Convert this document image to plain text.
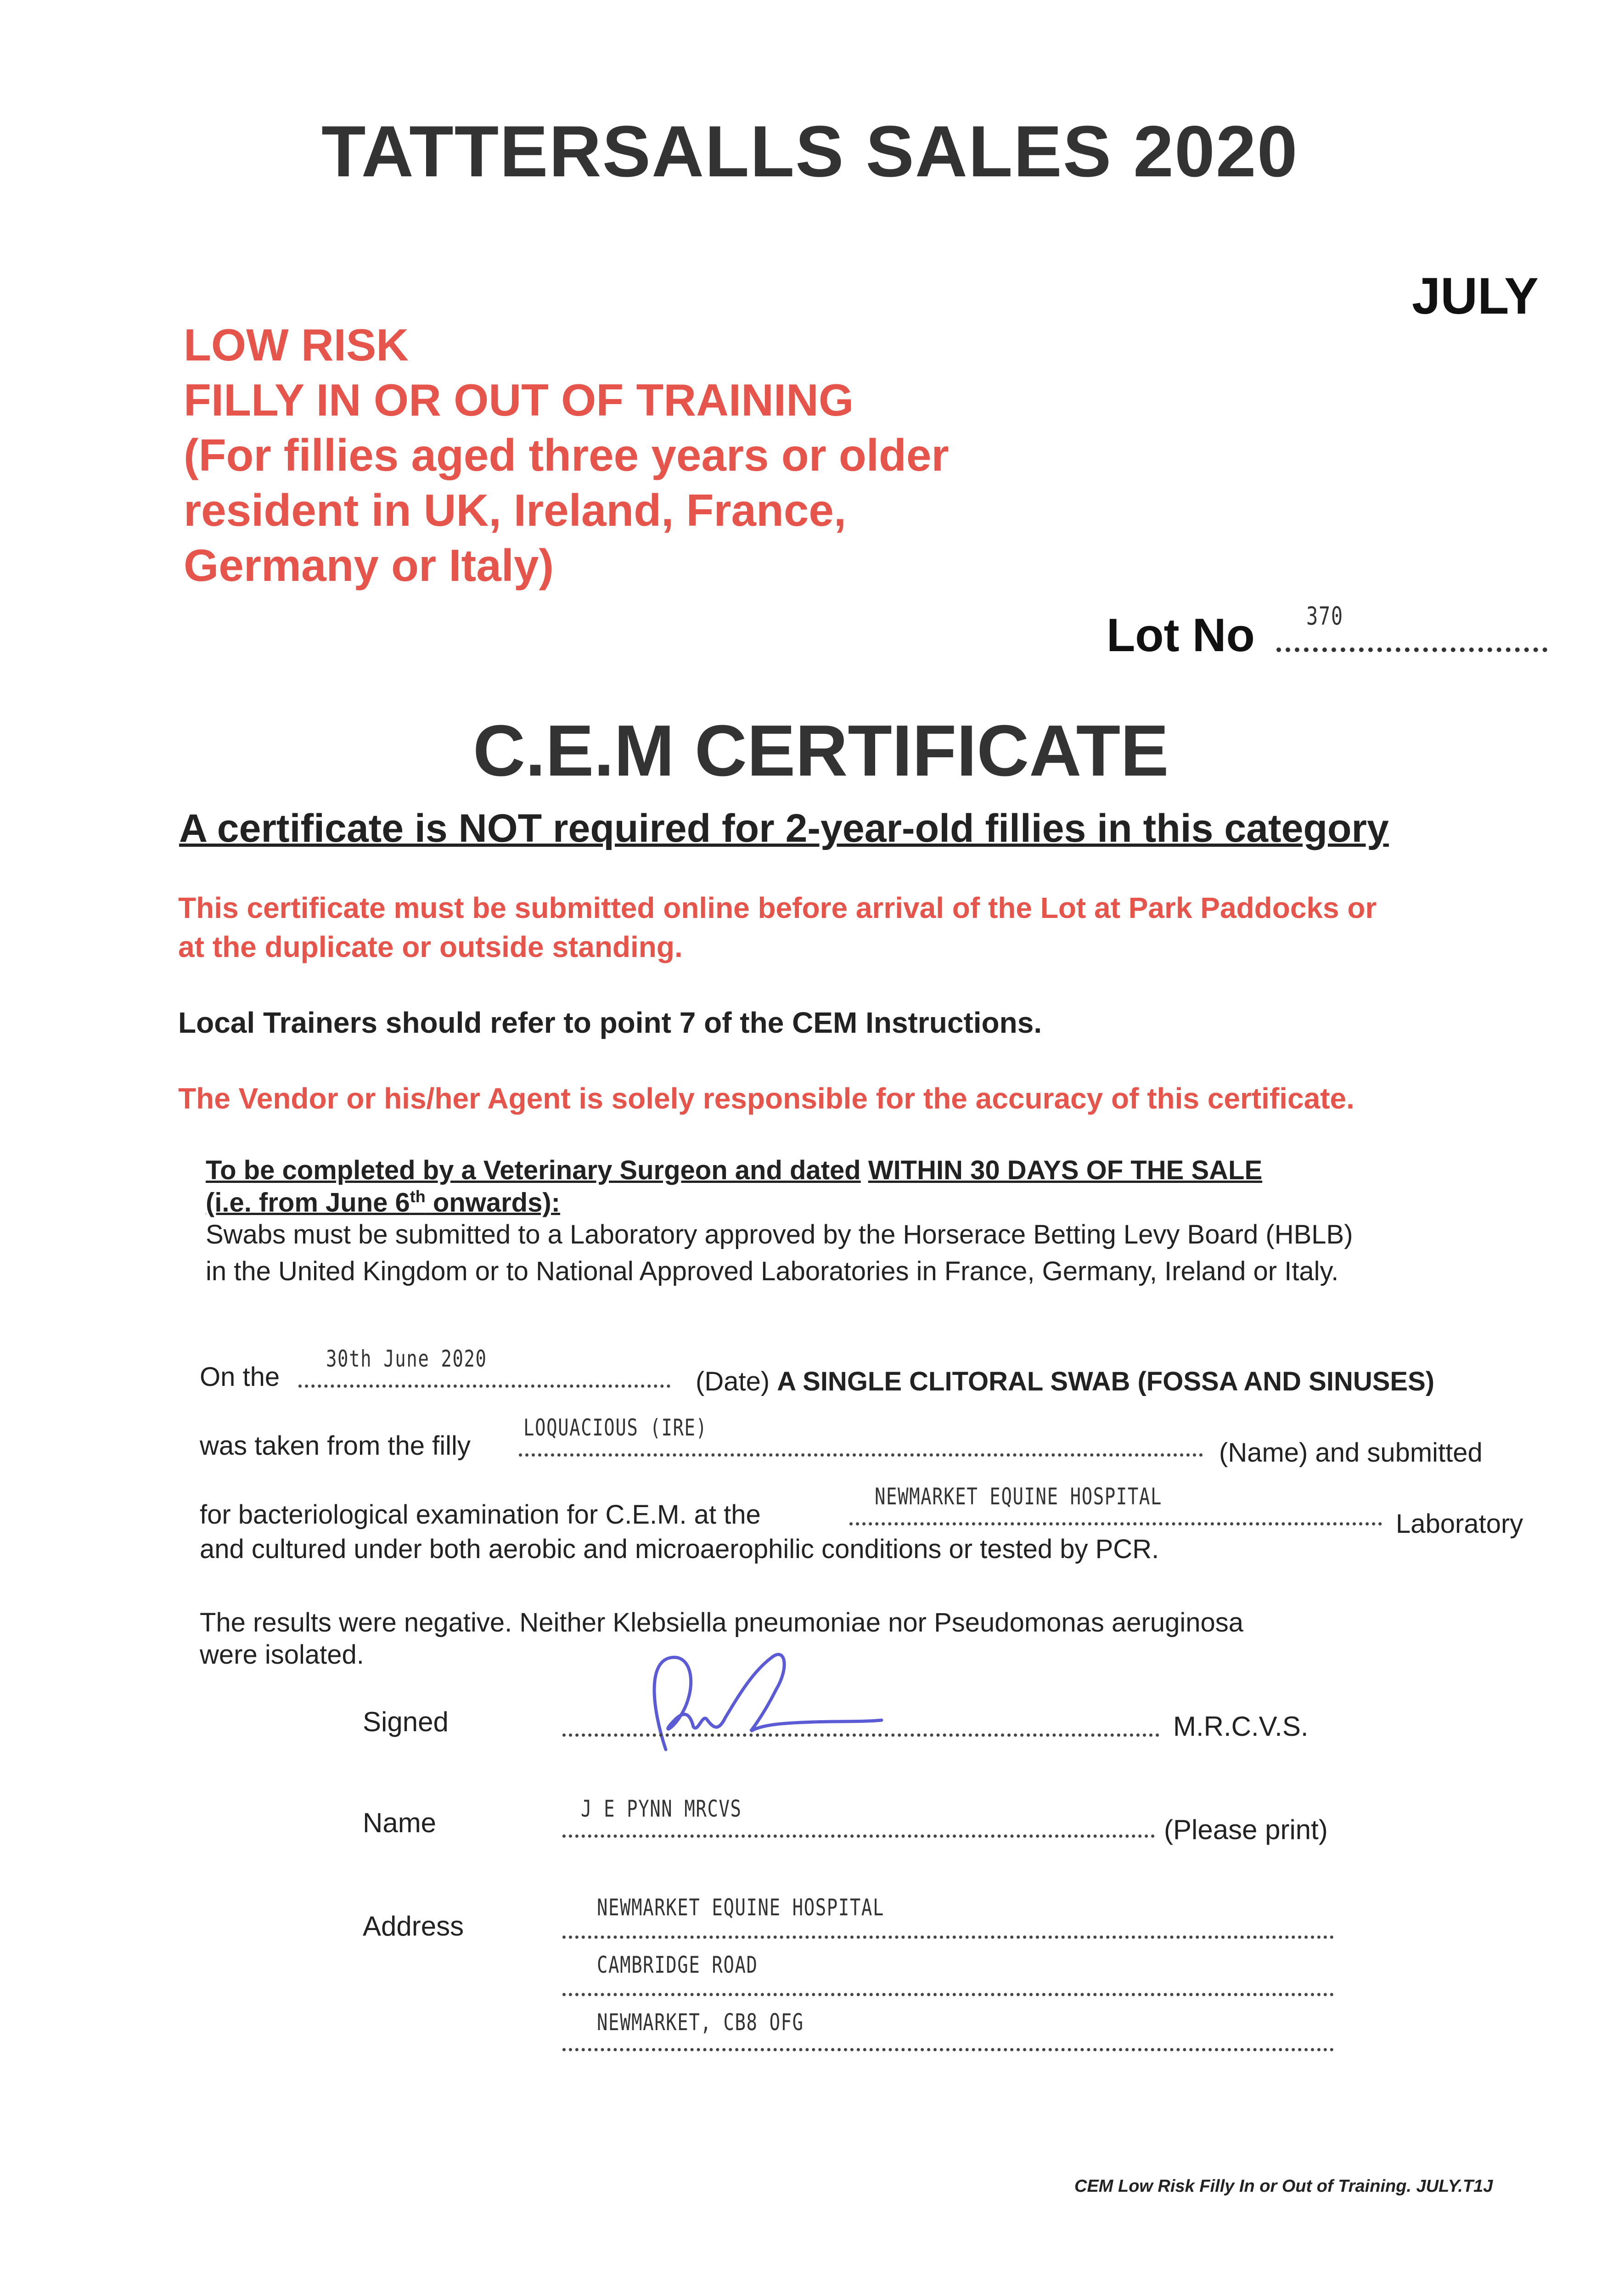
TATTERSALLS SALES 2020
JULY
LOW RISK
FILLY IN OR OUT OF TRAINING
(For fillies aged three years or older
resident in UK, Ireland, France,
Germany or Italy)
Lot No 370
C.E.M CERTIFICATE
A certificate is NOT required for 2-year-old fillies in this category
This certificate must be submitted online before arrival of the Lot at Park Paddocks or
at the duplicate or outside standing.
Local Trainers should refer to point 7 of the CEM Instructions.
The Vendor or his/her Agent is solely responsible for the accuracy of this certificate.
To be completed by a Veterinary Surgeon and dated WITHIN 30 DAYS OF THE SALE
(i.e. from June 6th onwards):
Swabs must be submitted to a Laboratory approved by the Horserace Betting Levy Board (HBLB)
in the United Kingdom or to National Approved Laboratories in France, Germany, Ireland or Italy.
On the
30th June 2020
(Date) A SINGLE CLITORAL SWAB (FOSSA AND SINUSES)
was taken from the filly
LOQUACIOUS (IRE)
(Name) and submitted
for bacteriological examination for C.E.M. at the
NEWMARKET EQUINE HOSPITAL
Laboratory
and cultured under both aerobic and microaerophilic conditions or tested by PCR.
The results were negative. Neither Klebsiella pneumoniae nor Pseudomonas aeruginosa
were isolated.
Signed	M.R.C.V.S.
Name	J E PYNN MRCVS
(Please print)
Address
NEWMARKET EQUINE HOSPITAL
CAMBRIDGE ROAD
NEWMARKET, CB8 OFG
CEM Low Risk Filly In or Out of Training. JULY.T1J
